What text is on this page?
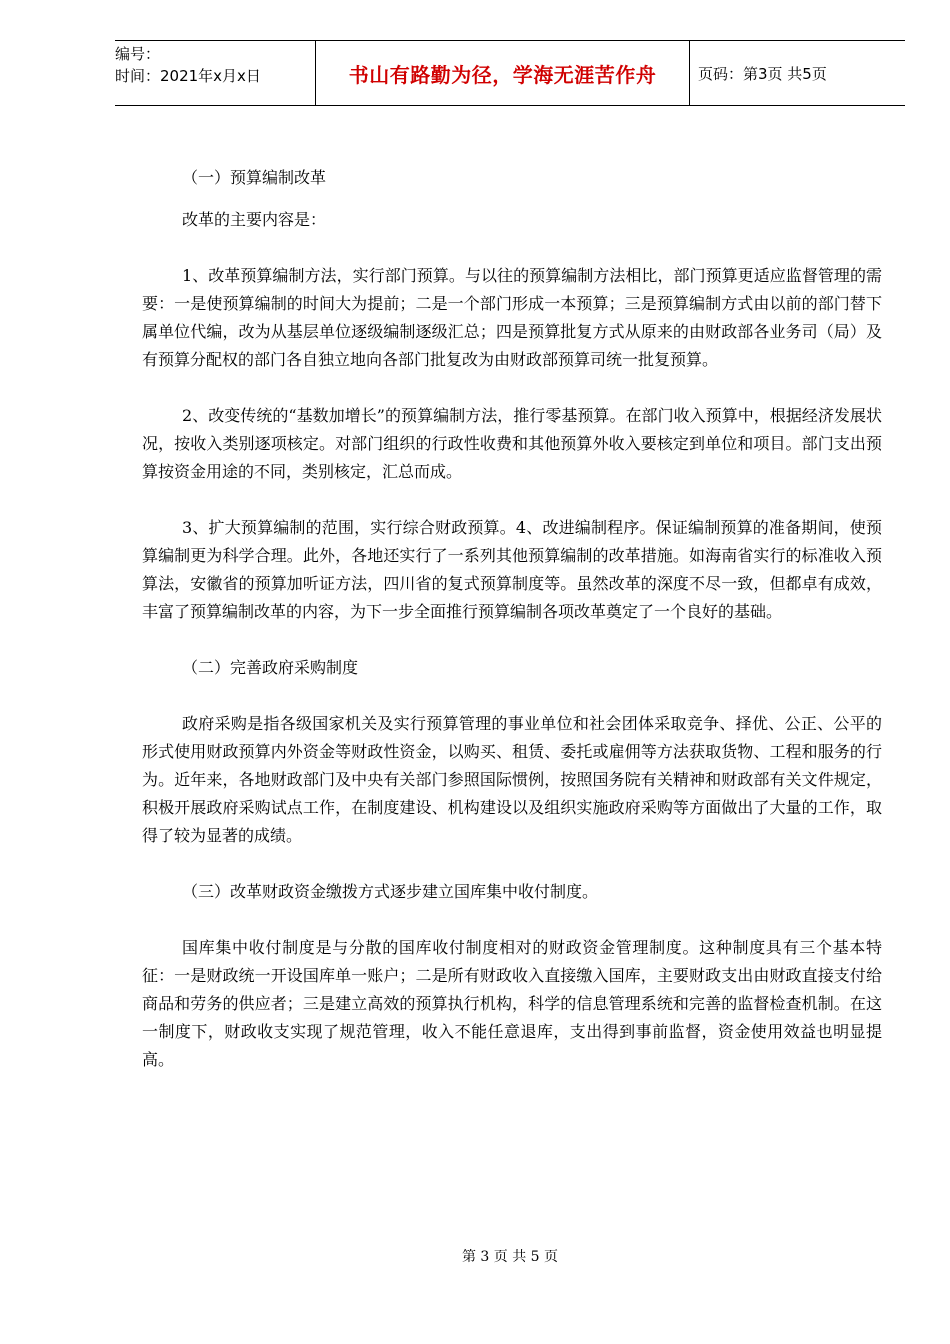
编号：
时间：2021年x月x日	书山有路勤为径，学海无涯苦作舟	页码：第3页 共5页

（一）预算编制改革

改革的主要内容是：

1、改革预算编制方法，实行部门预算。与以往的预算编制方法相比，部门预算更适应监督管理的需要：一是使预算编制的时间大为提前；二是一个部门形成一本预算；三是预算编制方式由以前的部门替下属单位代编，改为从基层单位逐级编制逐级汇总；四是预算批复方式从原来的由财政部各业务司（局）及有预算分配权的部门各自独立地向各部门批复改为由财政部预算司统一批复预算。

2、改变传统的“基数加增长”的预算编制方法，推行零基预算。在部门收入预算中，根据经济发展状况，按收入类别逐项核定。对部门组织的行政性收费和其他预算外收入要核定到单位和项目。部门支出预算按资金用途的不同，类别核定，汇总而成。

3、扩大预算编制的范围，实行综合财政预算。4、改进编制程序。保证编制预算的准备期间，使预算编制更为科学合理。此外，各地还实行了一系列其他预算编制的改革措施。如海南省实行的标准收入预算法，安徽省的预算加听证方法，四川省的复式预算制度等。虽然改革的深度不尽一致，但都卓有成效，丰富了预算编制改革的内容，为下一步全面推行预算编制各项改革奠定了一个良好的基础。

（二）完善政府采购制度

政府采购是指各级国家机关及实行预算管理的事业单位和社会团体采取竞争、择优、公正、公平的形式使用财政预算内外资金等财政性资金，以购买、租赁、委托或雇佣等方法获取货物、工程和服务的行为。近年来，各地财政部门及中央有关部门参照国际惯例，按照国务院有关精神和财政部有关文件规定，积极开展政府采购试点工作，在制度建设、机构建设以及组织实施政府采购等方面做出了大量的工作，取得了较为显著的成绩。

（三）改革财政资金缴拨方式逐步建立国库集中收付制度。

国库集中收付制度是与分散的国库收付制度相对的财政资金管理制度。这种制度具有三个基本特征：一是财政统一开设国库单一账户；二是所有财政收入直接缴入国库，主要财政支出由财政直接支付给商品和劳务的供应者；三是建立高效的预算执行机构，科学的信息管理系统和完善的监督检查机制。在这一制度下，财政收支实现了规范管理，收入不能任意退库，支出得到事前监督，资金使用效益也明显提高。

第 3 页 共 5 页
